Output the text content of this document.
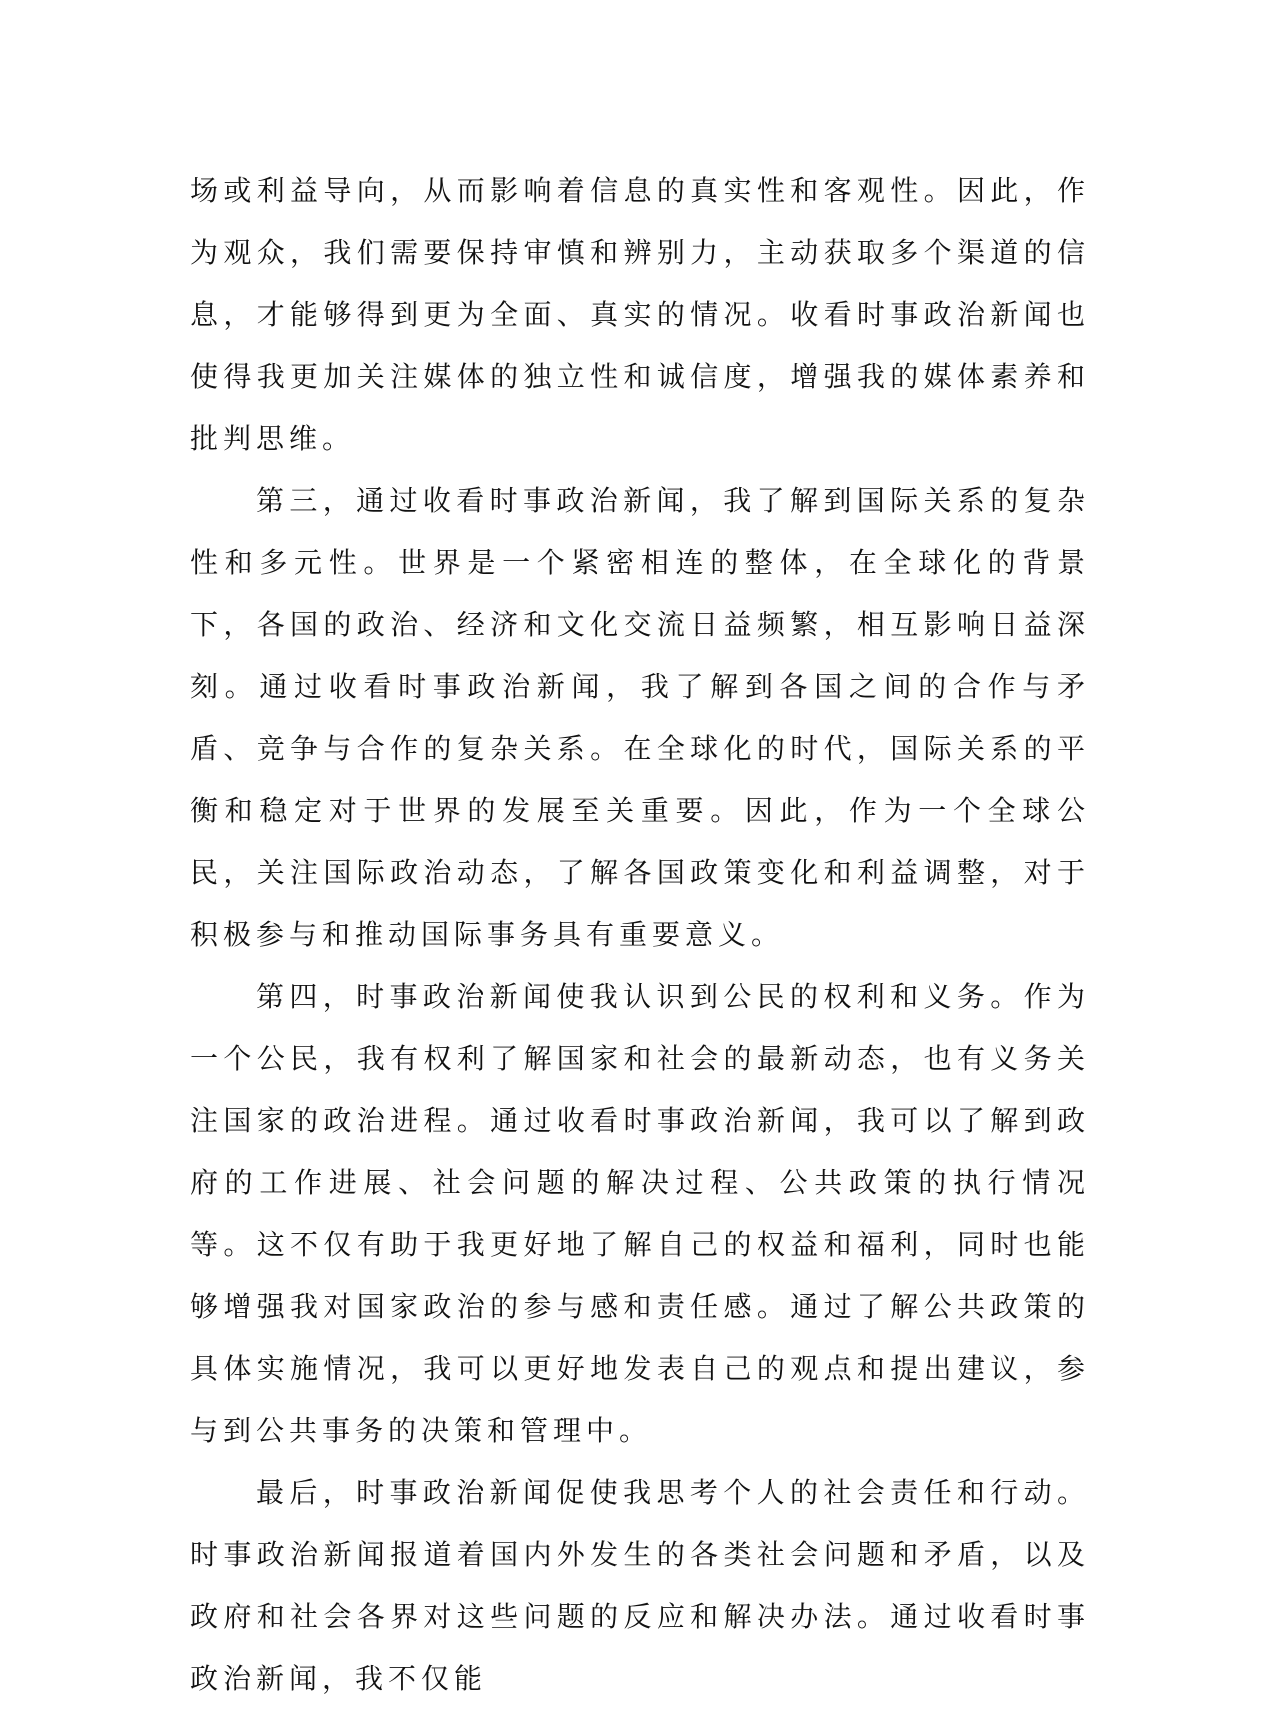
场或利益导向，从而影响着信息的真实性和客观性。因此，作为观众，我们需要保持审慎和辨别力，主动获取多个渠道的信息，才能够得到更为全面、真实的情况。收看时事政治新闻也使得我更加关注媒体的独立性和诚信度，增强我的媒体素养和批判思维。

第三，通过收看时事政治新闻，我了解到国际关系的复杂性和多元性。世界是一个紧密相连的整体，在全球化的背景下，各国的政治、经济和文化交流日益频繁，相互影响日益深刻。通过收看时事政治新闻，我了解到各国之间的合作与矛盾、竞争与合作的复杂关系。在全球化的时代，国际关系的平衡和稳定对于世界的发展至关重要。因此，作为一个全球公民，关注国际政治动态，了解各国政策变化和利益调整，对于积极参与和推动国际事务具有重要意义。

第四，时事政治新闻使我认识到公民的权利和义务。作为一个公民，我有权利了解国家和社会的最新动态，也有义务关注国家的政治进程。通过收看时事政治新闻，我可以了解到政府的工作进展、社会问题的解决过程、公共政策的执行情况等。这不仅有助于我更好地了解自己的权益和福利，同时也能够增强我对国家政治的参与感和责任感。通过了解公共政策的具体实施情况，我可以更好地发表自己的观点和提出建议，参与到公共事务的决策和管理中。

最后，时事政治新闻促使我思考个人的社会责任和行动。时事政治新闻报道着国内外发生的各类社会问题和矛盾，以及政府和社会各界对这些问题的反应和解决办法。通过收看时事政治新闻，我不仅能
